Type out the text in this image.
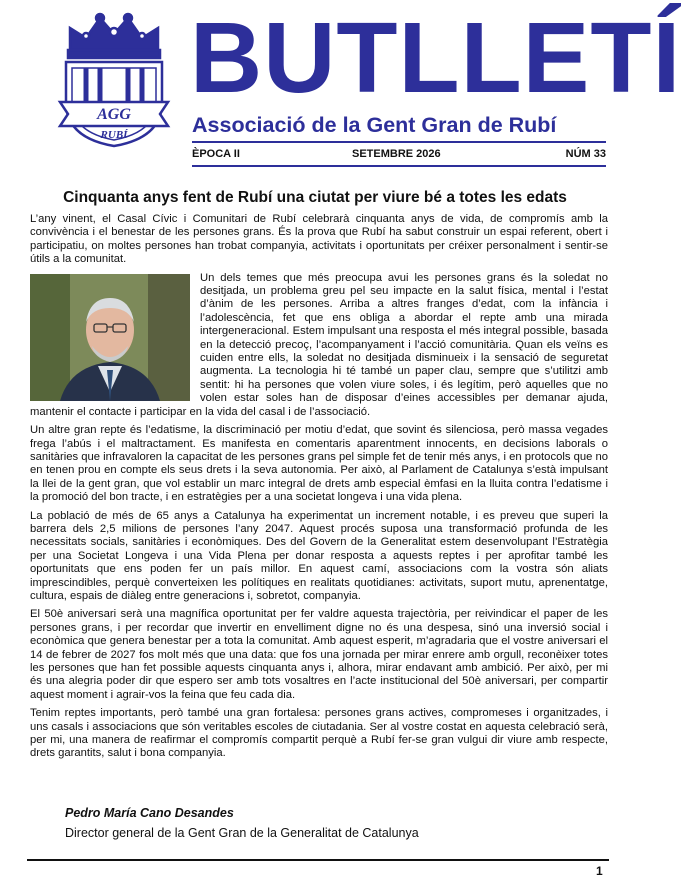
AGG
RUBÍ
BUTLLETÍ
Associació de la Gent Gran de Rubí
ÈPOCA II	SETEMBRE 2026	NÚM 33
Cinquanta anys fent de Rubí una ciutat per viure bé a totes les edats

L’any vinent, el Casal Cívic i Comunitari de Rubí celebrarà cinquanta anys de vida, de compromís amb la convivència i el benestar de les persones grans. És la prova que Rubí ha sabut construir un espai referent, obert i participatiu, on moltes persones han trobat companyia, activitats i oportunitats per créixer personalment i sentir-se útils a la comunitat.

Un dels temes que més preocupa avui les persones grans és la soledat no desitjada, un problema greu pel seu impacte en la salut física, mental i l’estat d’ànim de les persones. Arriba a altres franges d’edat, com la infància i l’adolescència, fet que ens obliga a abordar el repte amb una mirada intergeneracional. Estem impulsant una resposta el més integral possible, basada en la detecció precoç, l’acompanyament i l’acció comunitària. Quan els veïns es cuiden entre ells, la soledat no desitjada disminueix i la sensació de seguretat augmenta. La tecnologia hi té també un paper clau, sempre que s’utilitzi amb sentit: hi ha persones que volen viure soles, i és legítim, però aquelles que no volen estar soles han de disposar d’eines accessibles per demanar ajuda, mantenir el contacte i participar en la vida del casal i de l’associació.

Un altre gran repte és l’edatisme, la discriminació per motiu d’edat, que sovint és silenciosa, però massa vegades frega l’abús i el maltractament. Es manifesta en comentaris aparentment innocents, en decisions laborals o sanitàries que infravaloren la capacitat de les persones grans pel simple fet de tenir més anys, i en protocols que no en tenen prou en compte els seus drets i la seva autonomia. Per això, al Parlament de Catalunya s’està impulsant la llei de la gent gran, que vol establir un marc integral de drets amb especial èmfasi en la lluita contra l’edatisme i la promoció del bon tracte, i en estratègies per a una societat longeva i una vida plena.

La població de més de 65 anys a Catalunya ha experimentat un increment notable, i es preveu que superi la barrera dels 2,5 milions de persones l’any 2047. Aquest procés suposa una transformació profunda de les necessitats socials, sanitàries i econòmiques. Des del Govern de la Generalitat estem desenvolupant l’Estratègia per una Societat Longeva i una Vida Plena per donar resposta a aquests reptes i per aprofitar també les oportunitats que ens poden fer un país millor. En aquest camí, associacions com la vostra són aliats imprescindibles, perquè converteixen les polítiques en realitats quotidianes: activitats, suport mutu, aprenentatge, cultura, espais de diàleg entre generacions i, sobretot, companyia.

El 50è aniversari serà una magnífica oportunitat per fer valdre aquesta trajectòria, per reivindicar el paper de les persones grans, i per recordar que invertir en envelliment digne no és una despesa, sinó una inversió social i econòmica que genera benestar per a tota la comunitat. Amb aquest esperit, m’agradaria que el vostre aniversari el 14 de febrer de 2027 fos molt més que una data: que fos una jornada per mirar enrere amb orgull, reconèixer totes les persones que han fet possible aquests cinquanta anys i, alhora, mirar endavant amb ambició. Per això, per mi és una alegria poder dir que espero ser amb tots vosaltres en l’acte institucional del 50è aniversari, per compartir aquest moment i agrair-vos la feina que feu cada dia.

Tenim reptes importants, però també una gran fortalesa: persones grans actives, compromeses i organitzades, i uns casals i associacions que són veritables escoles de ciutadania. Ser al vostre costat en aquesta celebració serà, per mi, una manera de reafirmar el compromís compartit perquè a Rubí fer-se gran vulgui dir viure amb respecte, drets garantits, salut i bona companyia.

Pedro María Cano Desandes
Director general de la Gent Gran de la Generalitat de Catalunya
1
